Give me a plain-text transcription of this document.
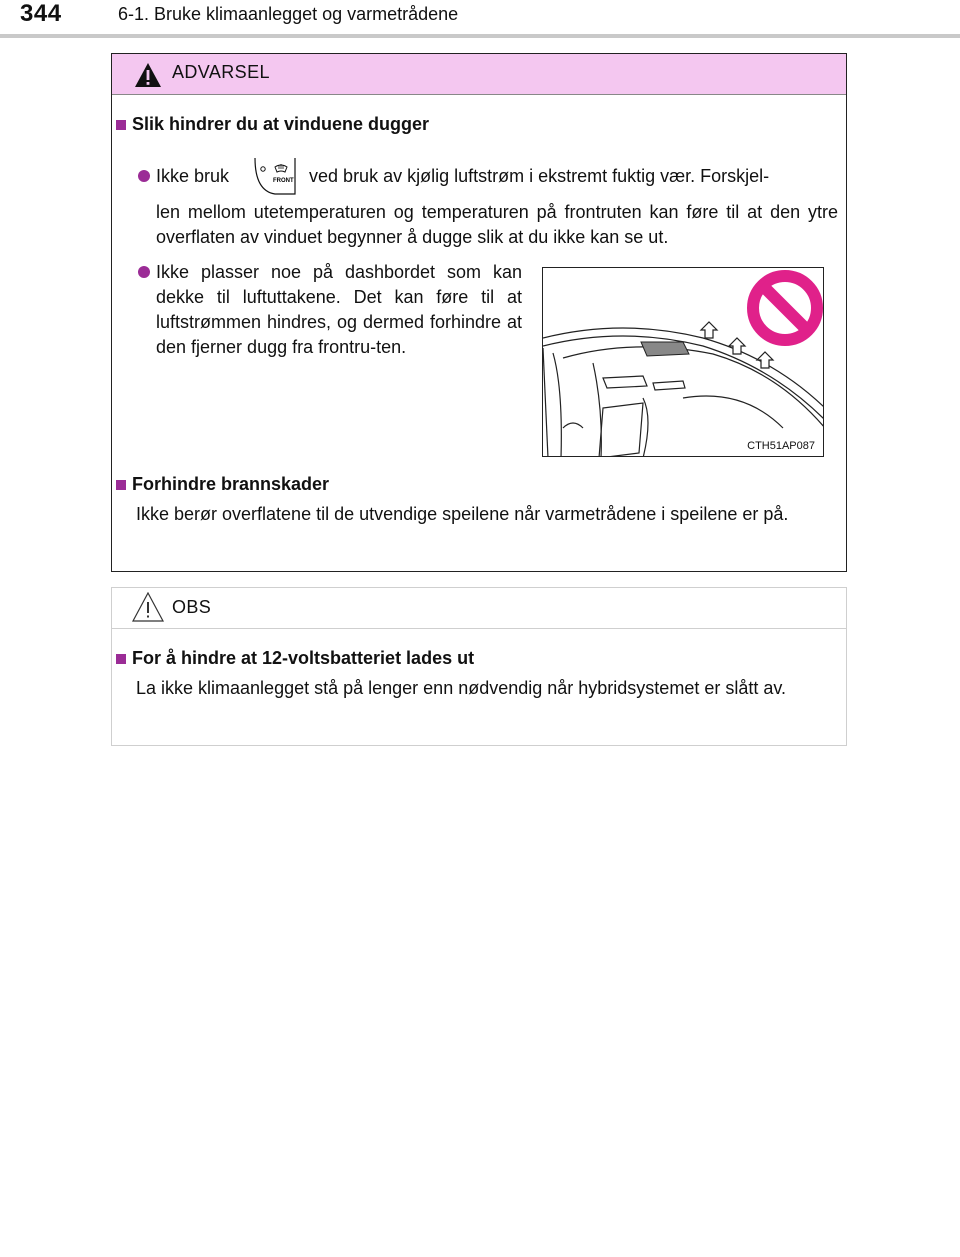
344	6-1. Bruke klimaanlegget og varmetrådene
ADVARSEL
Slik hindrer du at vinduene dugger
Ikke bruk	FRONT ved bruk av kjølig luftstrøm i ekstremt fuktig vær. Forskjel-
len mellom utetemperaturen og temperaturen på frontruten kan føre til at den ytre overflaten av vinduet begynner å dugge slik at du ikke kan se ut.
Ikke plasser noe på dashbordet som kan dekke til luftuttakene. Det kan føre til at luftstrømmen hindres, og dermed forhindre at den fjerner dugg fra frontru-ten.
CTH51AP087
Forhindre brannskader
Ikke berør overflatene til de utvendige speilene når varmetrådene i speilene er på.
OBS
For å hindre at 12-voltsbatteriet lades ut
La ikke klimaanlegget stå på lenger enn nødvendig når hybridsystemet er slått av.
